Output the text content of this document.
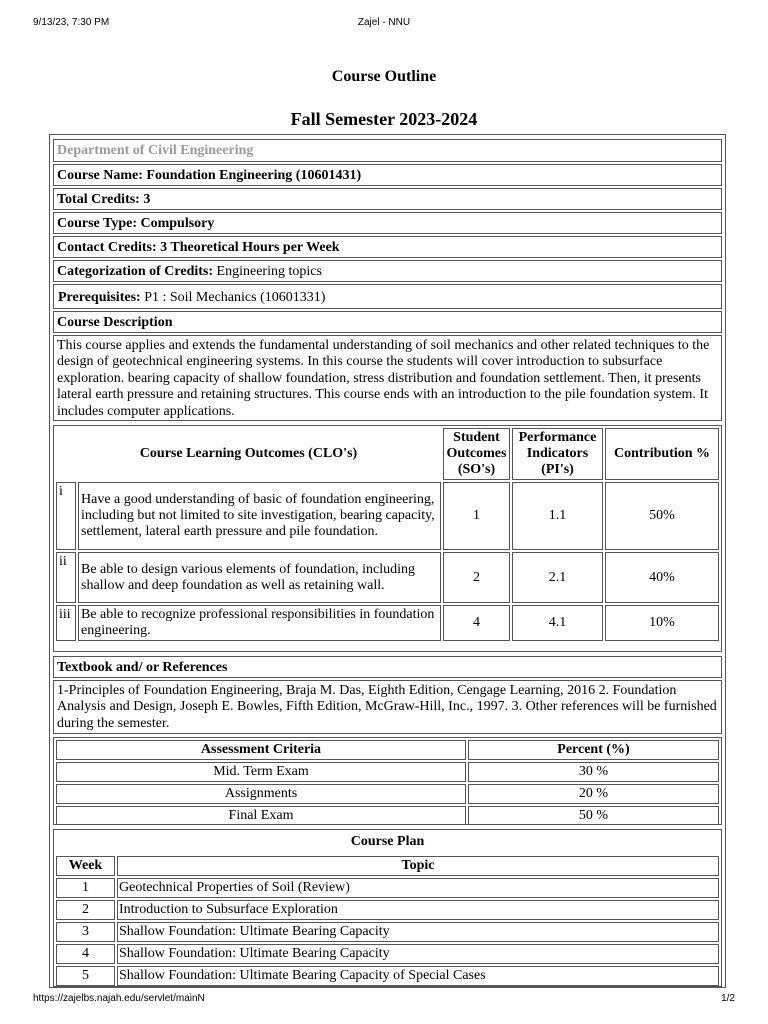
9/13/23, 7:30 PM	Zajel - NNU
Course Outline
Fall Semester 2023-2024
Department of Civil Engineering
Course Name: Foundation Engineering (10601431)
Total Credits: 3
Course Type: Compulsory
Contact Credits: 3 Theoretical Hours per Week
Categorization of Credits: Engineering topics
Prerequisites: P1 : Soil Mechanics (10601331)
Course Description
This course applies and extends the fundamental understanding of soil mechanics and other related techniques to the design of geotechnical engineering systems. In this course the students will cover introduction to subsurface exploration. bearing capacity of shallow foundation, stress distribution and foundation settlement. Then, it presents lateral earth pressure and retaining structures. This course ends with an introduction to the pile foundation system. It includes computer applications.
Course Learning Outcomes (CLO's)		Student Outcomes (SO's)	Performance Indicators (PI's)	Contribution %
i	Have a good understanding of basic of foundation engineering, including but not limited to site investigation, bearing capacity, settlement, lateral earth pressure and pile foundation.	1	1.1	50%
ii	Be able to design various elements of foundation, including shallow and deep foundation as well as retaining wall.	2	2.1	40%
iii	Be able to recognize professional responsibilities in foundation engineering.	4	4.1	10%
Textbook and/ or References
1-Principles of Foundation Engineering, Braja M. Das, Eighth Edition, Cengage Learning, 2016 2. Foundation Analysis and Design, Joseph E. Bowles, Fifth Edition, McGraw-Hill, Inc., 1997. 3. Other references will be furnished during the semester.
Assessment Criteria	Percent (%)
Mid. Term Exam	30 %
Assignments	20 %
Final Exam	50 %
Course Plan
Week	Topic
1	Geotechnical Properties of Soil (Review)
2	Introduction to Subsurface Exploration
3	Shallow Foundation: Ultimate Bearing Capacity
4	Shallow Foundation: Ultimate Bearing Capacity
5	Shallow Foundation: Ultimate Bearing Capacity of Special Cases
https://zajelbs.najah.edu/servlet/mainN	1/2
